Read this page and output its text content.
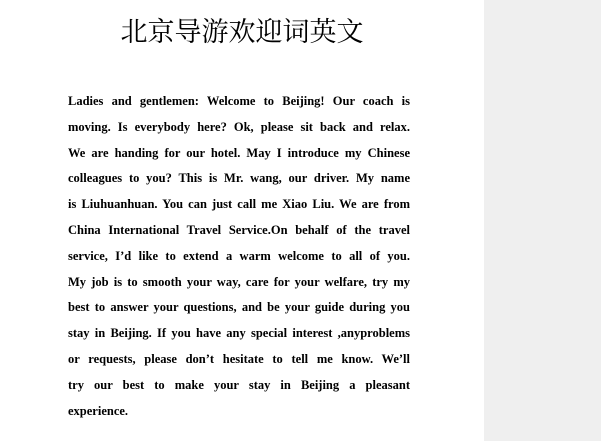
北京导游欢迎词英文
Ladies and gentlemen: Welcome to Beijing! Our coach is
moving. Is everybody here? Ok, please sit back and relax.
We are handing for our hotel. May I introduce my Chinese
colleagues to you? This is Mr. wang, our driver. My name
is Liuhuanhuan. You can just call me Xiao Liu. We are from
China International Travel Service.On behalf of the travel
service, I’d like to extend a warm welcome to all of you.
My job is to smooth your way, care for your welfare, try my
best to answer your questions, and be your guide during you
stay in Beijing. If you have any special interest ,anyproblems
or requests, please don’t hesitate to tell me know. We’ll
try our best to make your stay in Beijing a pleasant
experience.
